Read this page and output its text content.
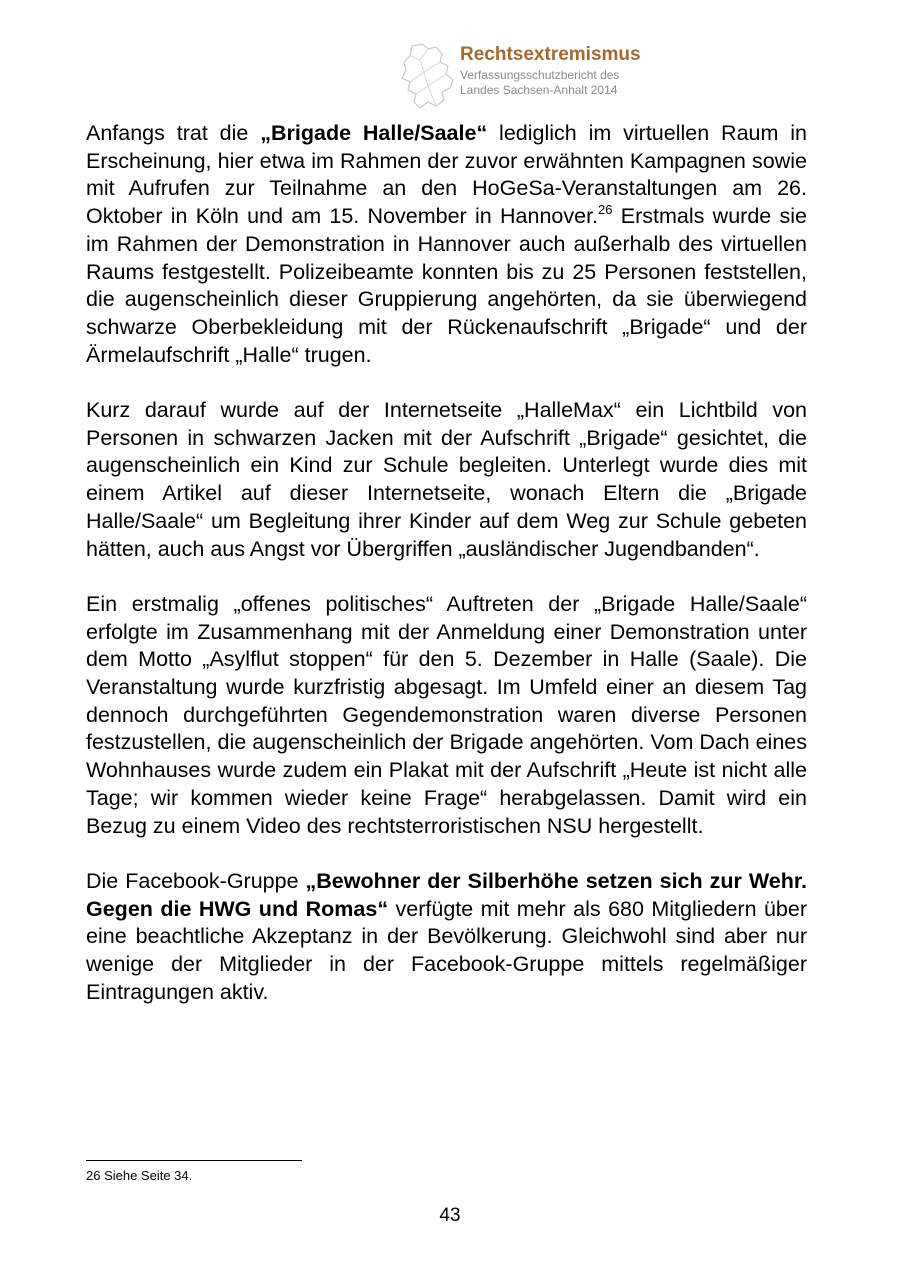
Rechtsextremismus
Verfassungsschutzbericht des
Landes Sachsen-Anhalt 2014

Anfangs trat die „Brigade Halle/Saale“ lediglich im virtuellen Raum in Erscheinung, hier etwa im Rahmen der zuvor erwähnten Kampagnen sowie mit Aufrufen zur Teilnahme an den HoGeSa-Veranstaltungen am 26. Oktober in Köln und am 15. November in Hannover.$^{26}$ Erstmals wurde sie im Rahmen der Demonstration in Hannover auch außerhalb des virtuellen Raums festgestellt. Polizeibeamte konnten bis zu 25 Personen feststellen, die augenscheinlich dieser Gruppierung angehörten, da sie überwiegend schwarze Oberbekleidung mit der Rückenaufschrift „Brigade“ und der Ärmelaufschrift „Halle“ trugen.

Kurz darauf wurde auf der Internetseite „HalleMax“ ein Lichtbild von Personen in schwarzen Jacken mit der Aufschrift „Brigade“ gesichtet, die augenscheinlich ein Kind zur Schule begleiten. Unterlegt wurde dies mit einem Artikel auf dieser Internetseite, wonach Eltern die „Brigade Halle/Saale“ um Begleitung ihrer Kinder auf dem Weg zur Schule gebeten hätten, auch aus Angst vor Übergriffen „ausländischer Jugendbanden“.

Ein erstmalig „offenes politisches“ Auftreten der „Brigade Halle/Saale“ erfolgte im Zusammenhang mit der Anmeldung einer Demonstration unter dem Motto „Asylflut stoppen“ für den 5. Dezember in Halle (Saale). Die Veranstaltung wurde kurzfristig abgesagt. Im Umfeld einer an diesem Tag dennoch durchgeführten Gegendemonstration waren diverse Personen festzustellen, die augenscheinlich der Brigade angehörten. Vom Dach eines Wohnhauses wurde zudem ein Plakat mit der Aufschrift „Heute ist nicht alle Tage; wir kommen wieder keine Frage“ herabgelassen. Damit wird ein Bezug zu einem Video des rechtsterroristischen NSU hergestellt.

Die Facebook-Gruppe „Bewohner der Silberhöhe setzen sich zur Wehr. Gegen die HWG und Romas“ verfügte mit mehr als 680 Mitgliedern über eine beachtliche Akzeptanz in der Bevölkerung. Gleichwohl sind aber nur wenige der Mitglieder in der Facebook-Gruppe mittels regelmäßiger Eintragungen aktiv.

26 Siehe Seite 34.
43
